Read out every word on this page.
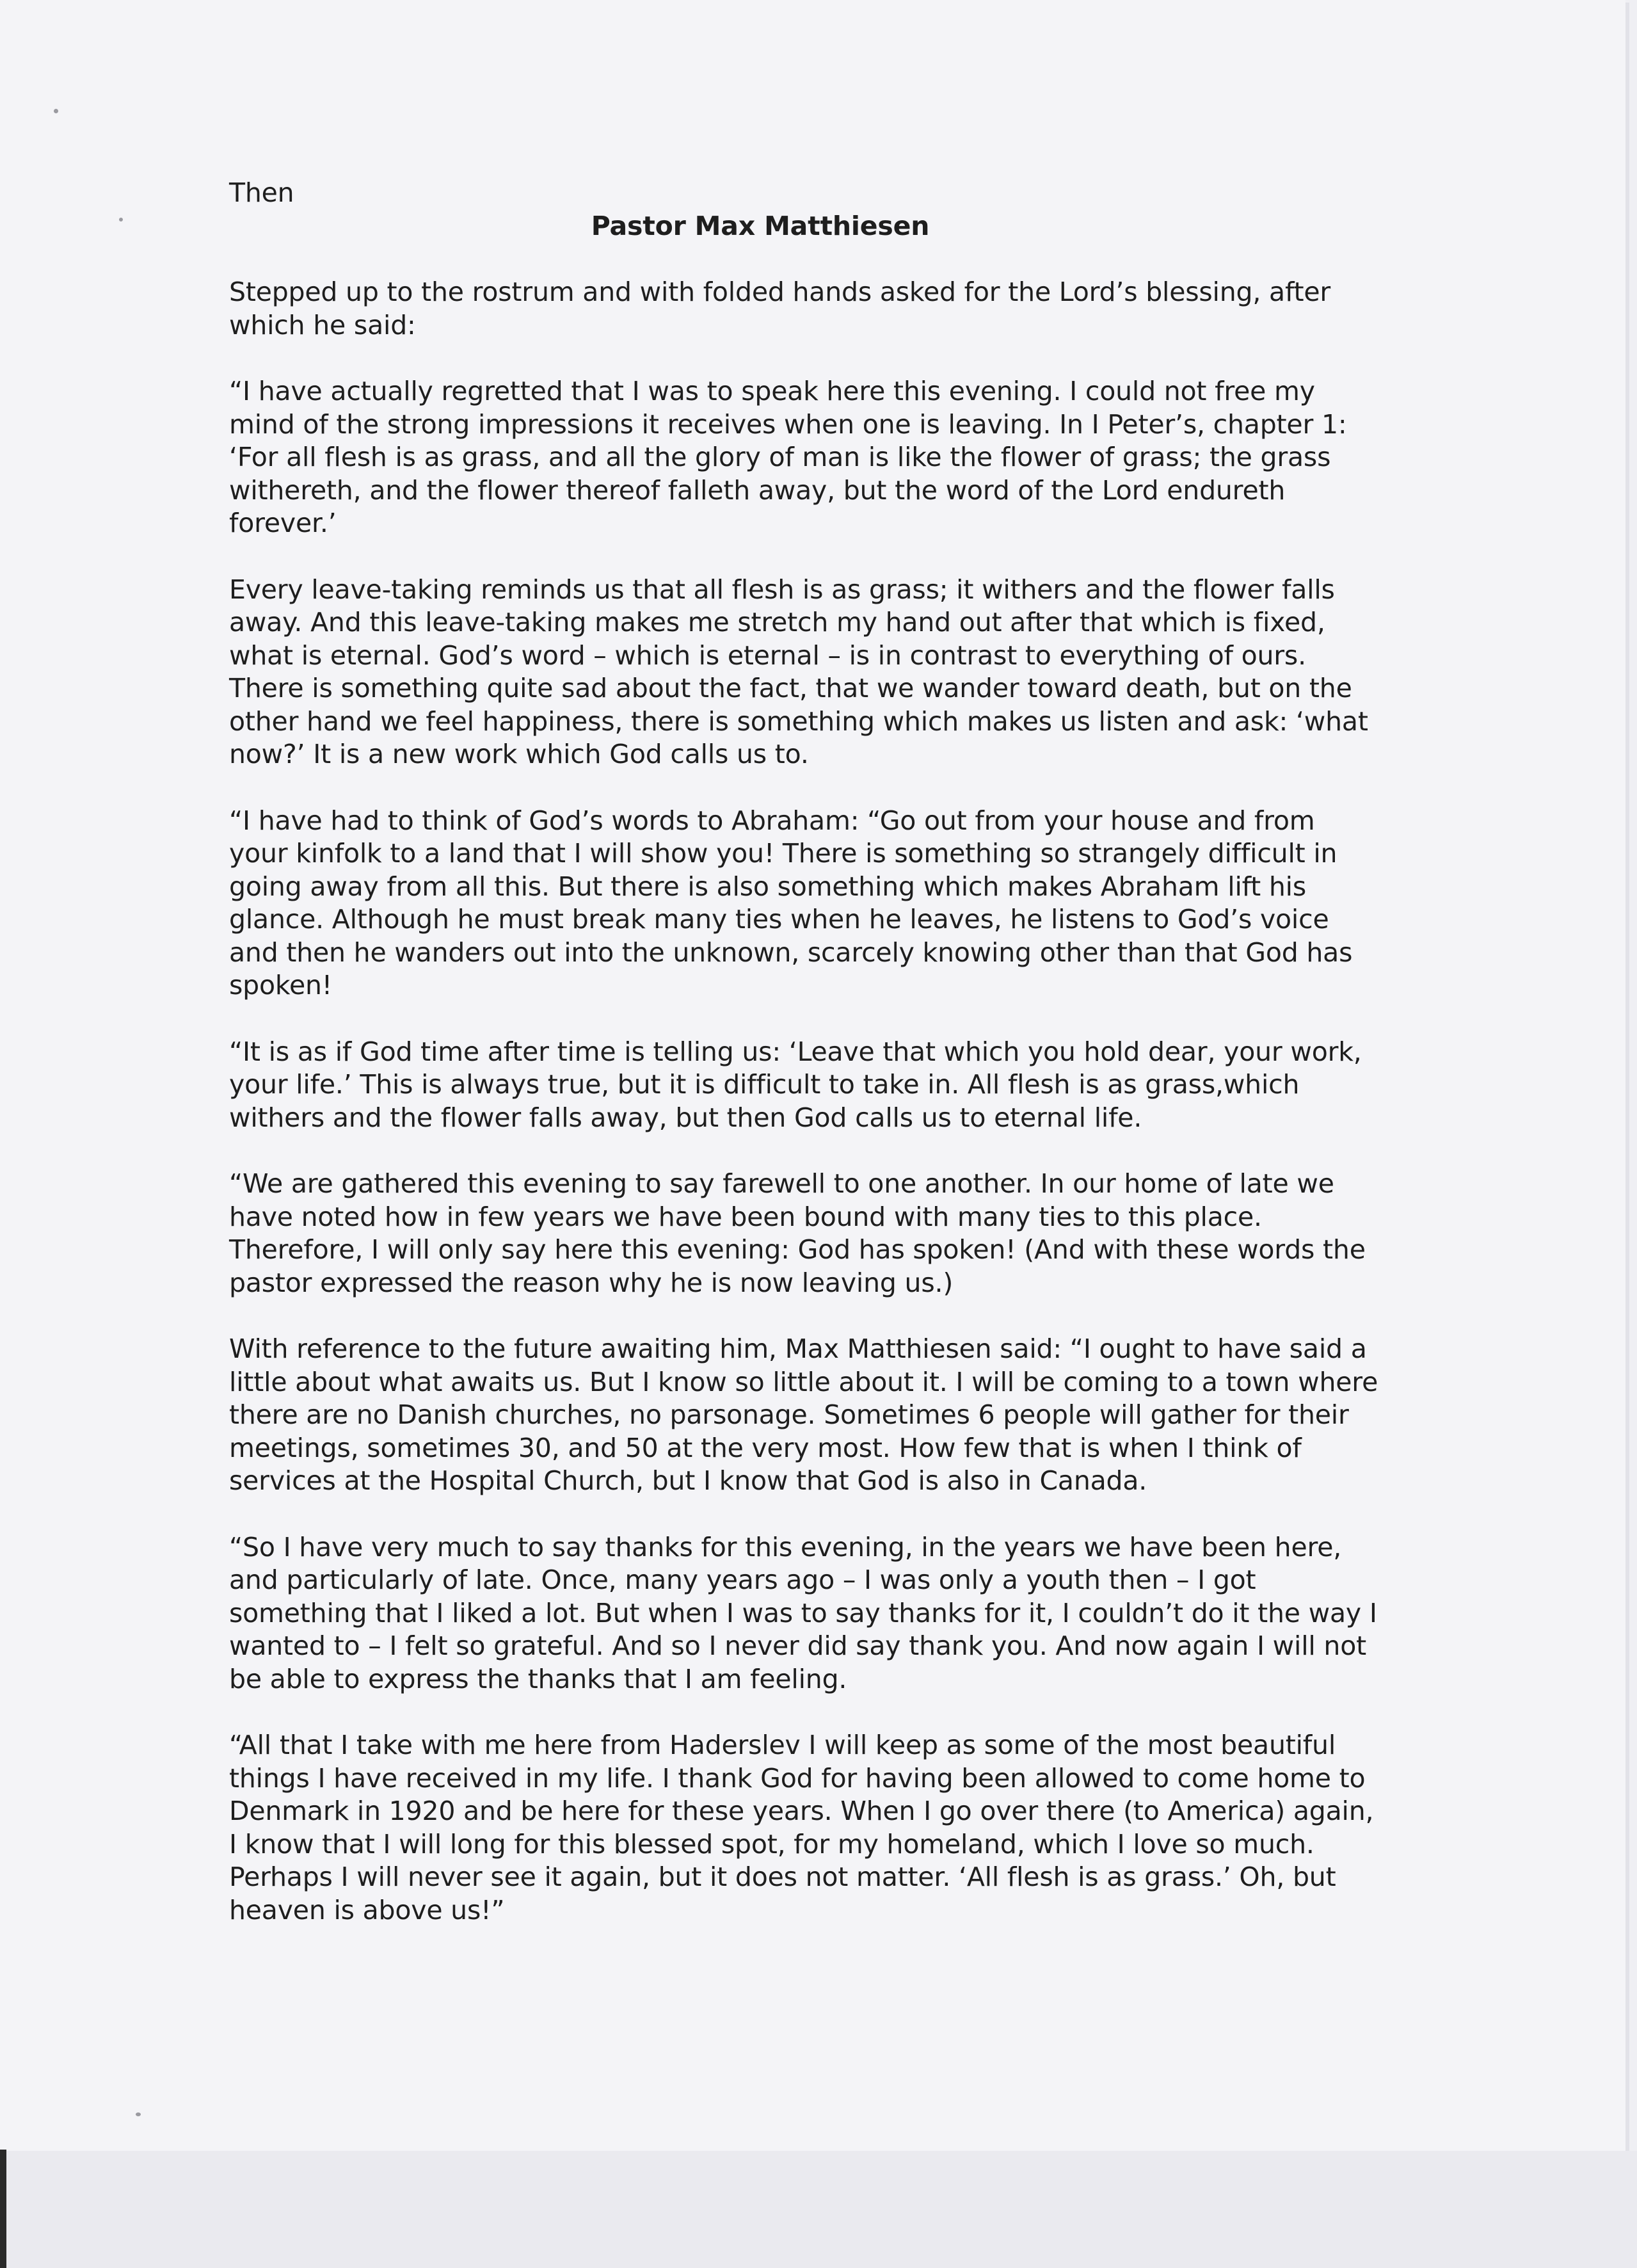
Then

Pastor Max Matthiesen

Stepped up to the rostrum and with folded hands asked for the Lord’s blessing, after which he said:

“I have actually regretted that I was to speak here this evening. I could not free my mind of the strong impressions it receives when one is leaving. In I Peter’s, chapter 1: ‘For all flesh is as grass, and all the glory of man is like the flower of grass; the grass withereth, and the flower thereof falleth away, but the word of the Lord endureth forever.’

Every leave-taking reminds us that all flesh is as grass; it withers and the flower falls away. And this leave-taking makes me stretch my hand out after that which is fixed, what is eternal. God’s word – which is eternal – is in contrast to everything of ours. There is something quite sad about the fact, that we wander toward death, but on the other hand we feel happiness, there is something which makes us listen and ask: ‘what now?’ It is a new work which God calls us to.

“I have had to think of God’s words to Abraham: “Go out from your house and from your kinfolk to a land that I will show you! There is something so strangely difficult in going away from all this. But there is also something which makes Abraham lift his glance. Although he must break many ties when he leaves, he listens to God’s voice and then he wanders out into the unknown, scarcely knowing other than that God has spoken!

“It is as if God time after time is telling us: ‘Leave that which you hold dear, your work, your life.’ This is always true, but it is difficult to take in. All flesh is as grass,which withers and the flower falls away, but then God calls us to eternal life.

“We are gathered this evening to say farewell to one another. In our home of late we have noted how in few years we have been bound with many ties to this place. Therefore, I will only say here this evening: God has spoken! (And with these words the pastor expressed the reason why he is now leaving us.)

With reference to the future awaiting him, Max Matthiesen said: “I ought to have said a little about what awaits us. But I know so little about it. I will be coming to a town where there are no Danish churches, no parsonage. Sometimes 6 people will gather for their meetings, sometimes 30, and 50 at the very most. How few that is when I think of services at the Hospital Church, but I know that God is also in Canada.

“So I have very much to say thanks for this evening, in the years we have been here, and particularly of late. Once, many years ago – I was only a youth then – I got something that I liked a lot. But when I was to say thanks for it, I couldn’t do it the way I wanted to – I felt so grateful. And so I never did say thank you. And now again I will not be able to express the thanks that I am feeling.

“All that I take with me here from Haderslev I will keep as some of the most beautiful things I have received in my life. I thank God for having been allowed to come home to Denmark in 1920 and be here for these years. When I go over there (to America) again, I know that I will long for this blessed spot, for my homeland, which I love so much. Perhaps I will never see it again, but it does not matter. ‘All flesh is as grass.’ Oh, but heaven is above us!”
